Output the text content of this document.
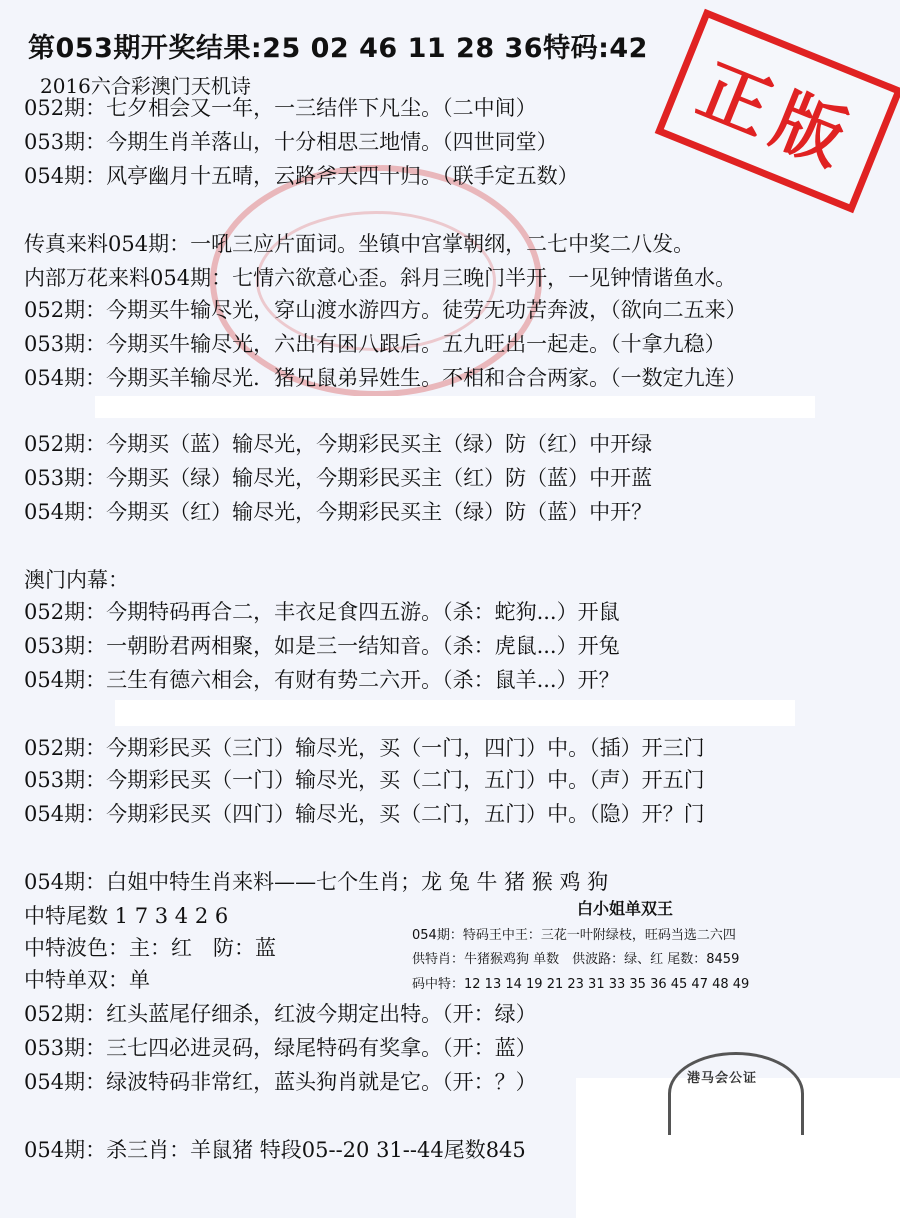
第053期开奖结果:25 02 46 11 28 36特码:42
2016六合彩澳门天机诗	正版
052期：七夕相会又一年，一三结伴下凡尘。（二中间）
053期：今期生肖羊落山，十分相思三地情。（四世同堂）
054期：风亭幽月十五晴，云路斧天四十归。（联手定五数）
传真来料054期：一吼三应片面词。坐镇中宫掌朝纲，二七中奖二八发。
内部万花来料054期：七情六欲意心歪。斜月三晚门半开，一见钟情谐鱼水。
052期：今期买牛输尽光，穿山渡水游四方。徒劳无功苦奔波，（欲向二五来）
053期：今期买牛输尽光，六出有困八跟后。五九旺出一起走。（十拿九稳）
054期：今期买羊输尽光．猪兄鼠弟异姓生。不相和合合两家。（一数定九连）
052期：今期买（蓝）输尽光，今期彩民买主（绿）防（红）中开绿
053期：今期买（绿）输尽光，今期彩民买主（红）防（蓝）中开蓝
054期：今期买（红）输尽光，今期彩民买主（绿）防（蓝）中开？
澳门内幕：
052期：今期特码再合二，丰衣足食四五游。（杀：蛇狗...）开鼠
053期：一朝盼君两相聚，如是三一结知音。（杀：虎鼠...）开兔
054期：三生有德六相会，有财有势二六开。（杀：鼠羊...）开？
052期：今期彩民买（三门）输尽光，买（一门，四门）中。（插）开三门
053期：今期彩民买（一门）输尽光，买（二门，五门）中。（声）开五门
054期：今期彩民买（四门）输尽光，买（二门，五门）中。（隐）开？门
054期：白姐中特生肖来料——七个生肖；龙 兔 牛 猪 猴 鸡 狗
中特尾数 1 7 3 4 2 6
中特波色：主：红　防：蓝
中特单双：单
052期：红头蓝尾仔细杀，红波今期定出特。（开：绿）
053期：三七四必进灵码，绿尾特码有奖拿。（开：蓝）
054期：绿波特码非常红，蓝头狗肖就是它。（开：？）
054期：杀三肖：羊鼠猪 特段05--20 31--44尾数845
港马会公证
白小姐单双王
054期：特码王中王：三花一叶附绿枝，旺码当选二六四
供特肖：牛猪猴鸡狗 单数　供波路：绿、红 尾数：8459
码中特：12 13 14 19 21 23 31 33 35 36 45 47 48 49
